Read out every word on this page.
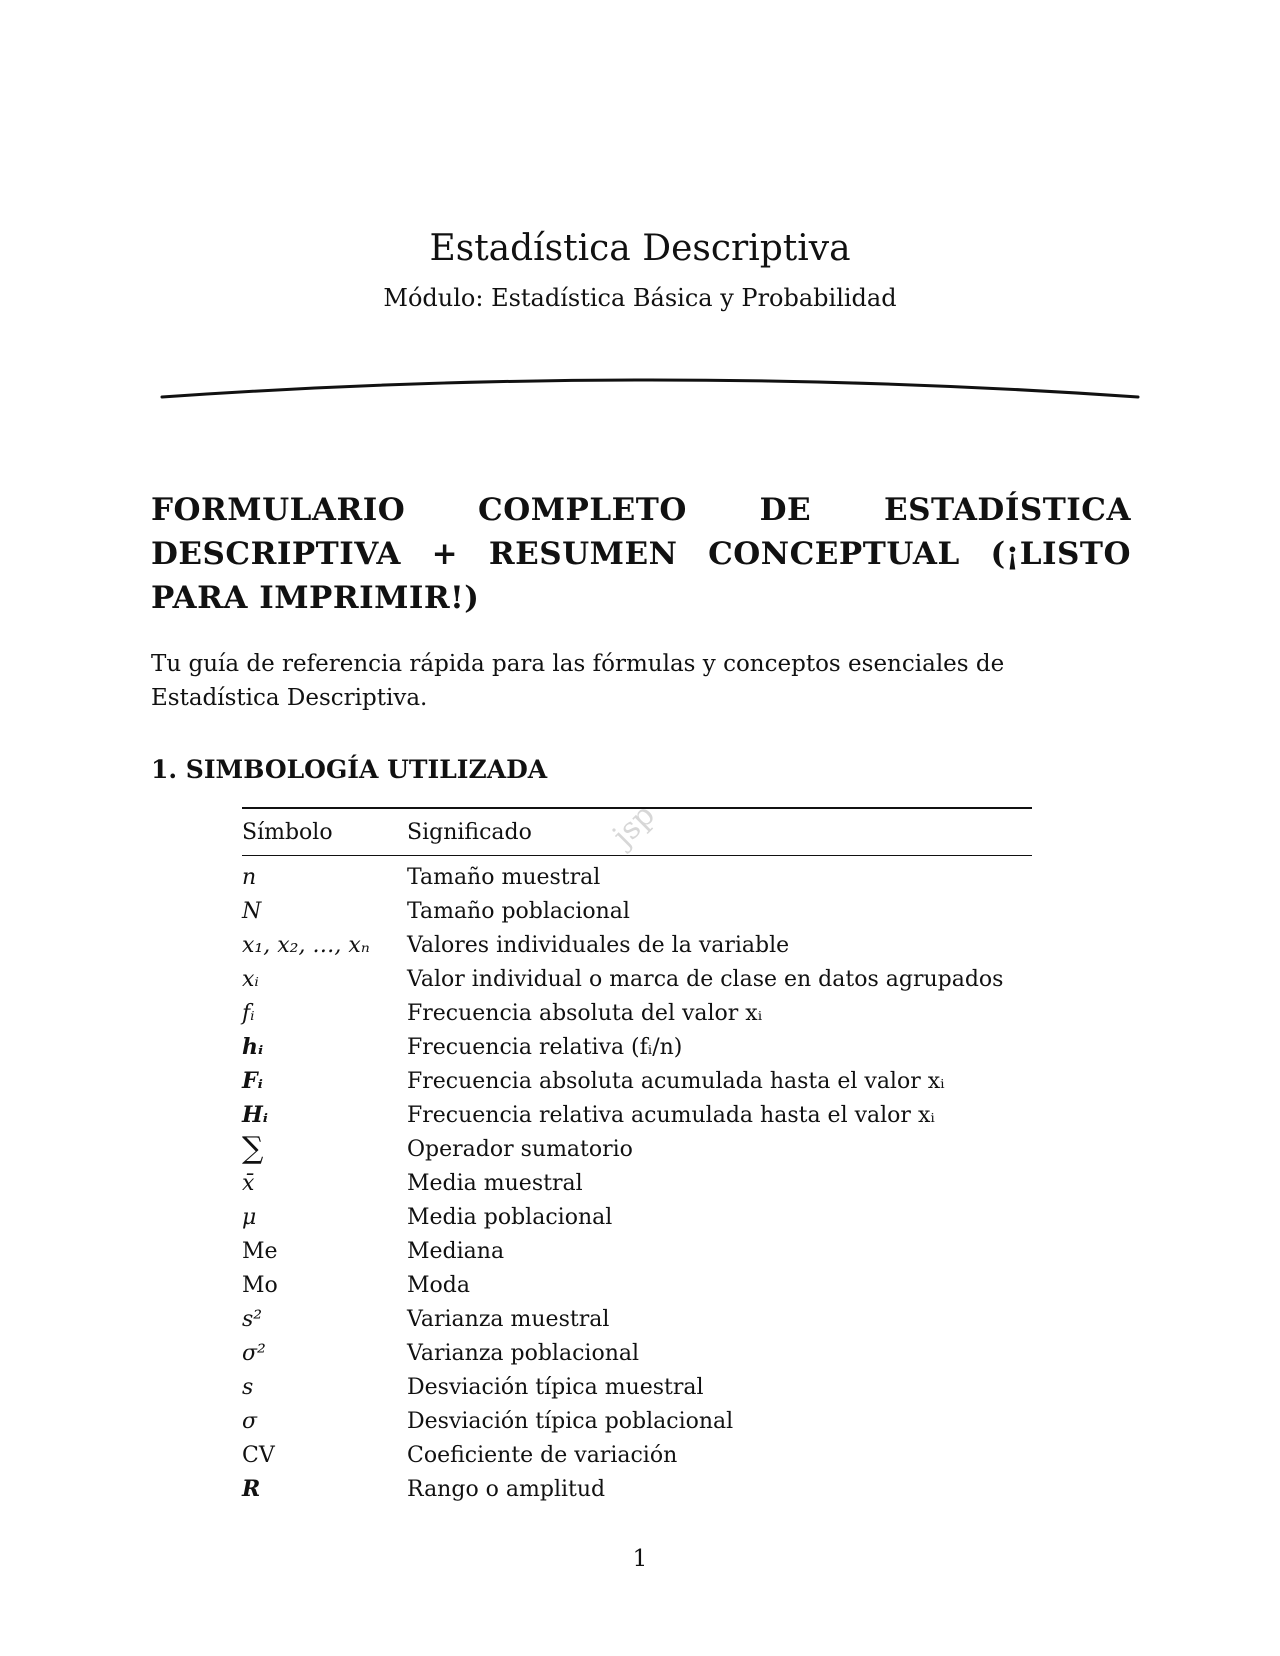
Estadística Descriptiva
Módulo: Estadística Básica y Probabilidad
FORMULARIO COMPLETO DE ESTADÍSTICA DESCRIPTIVA + RESUMEN CONCEPTUAL (¡LISTO PARA IMPRIMIR!)
Tu guía de referencia rápida para las fórmulas y conceptos esenciales de Estadística Descriptiva.
1. SIMBOLOGÍA UTILIZADA
jsp
Símbolo	Significado
n	Tamaño muestral
N	Tamaño poblacional
x₁, x₂, …, xₙ	Valores individuales de la variable
xᵢ	Valor individual o marca de clase en datos agrupados
fᵢ	Frecuencia absoluta del valor xᵢ
hᵢ	Frecuencia relativa (fᵢ/n)
Fᵢ	Frecuencia absoluta acumulada hasta el valor xᵢ
Hᵢ	Frecuencia relativa acumulada hasta el valor xᵢ
∑	Operador sumatorio
x̄	Media muestral
μ	Media poblacional
Me	Mediana
Mo	Moda
s²	Varianza muestral
σ²	Varianza poblacional
s	Desviación típica muestral
σ	Desviación típica poblacional
CV	Coeficiente de variación
R	Rango o amplitud
1
